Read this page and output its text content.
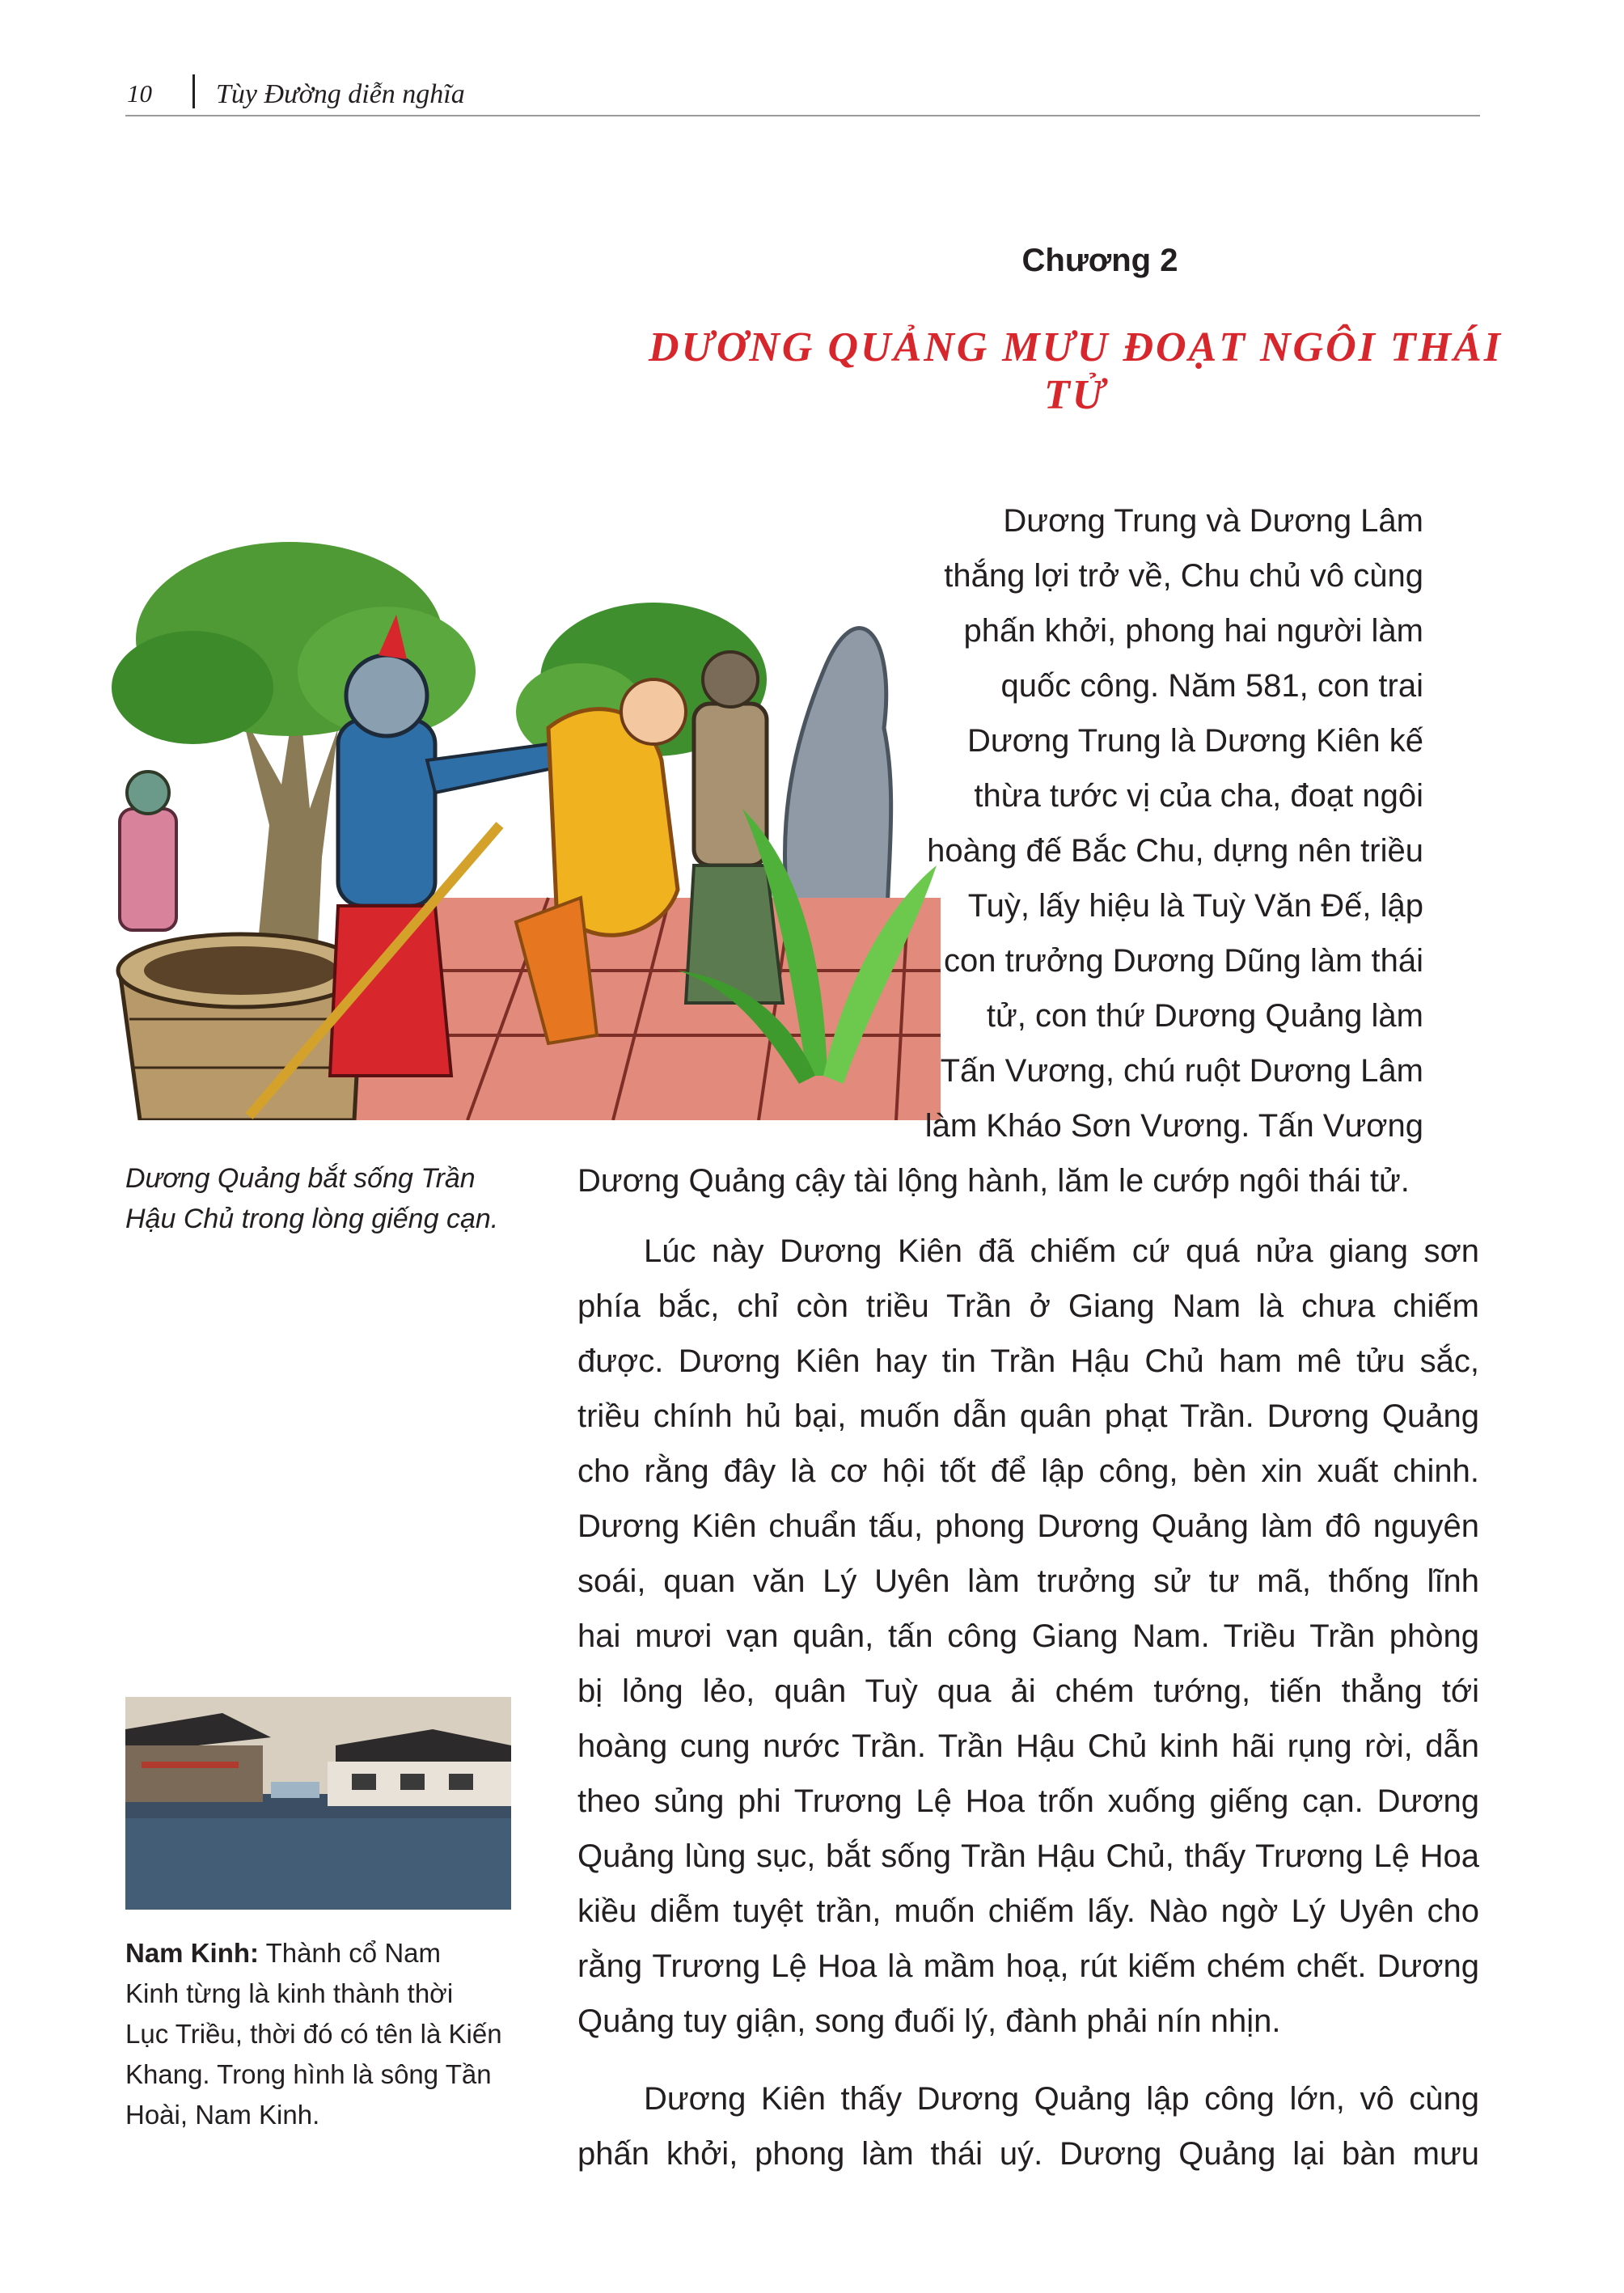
10 Tùy Đường diễn nghĩa
Chương 2
DƯƠNG QUẢNG MƯU ĐOẠT NGÔI THÁI TỬ
Dương Quảng bắt sống Trần
Hậu Chủ trong lòng giếng cạn.
Nam Kinh: Thành cổ Nam
Kinh từng là kinh thành thời
Lục Triều, thời đó có tên là Kiến
Khang. Trong hình là sông Tần
Hoài, Nam Kinh.
Dương Trung và Dương Lâm
thắng lợi trở về, Chu chủ vô cùng
phấn khởi, phong hai người làm
quốc công. Năm 581, con trai
Dương Trung là Dương Kiên kế
thừa tước vị của cha, đoạt ngôi
hoàng đế Bắc Chu, dựng nên triều
Tuỳ, lấy hiệu là Tuỳ Văn Đế, lập
con trưởng Dương Dũng làm thái
tử, con thứ Dương Quảng làm
Tấn Vương, chú ruột Dương Lâm
làm Kháo Sơn Vương. Tấn Vương
Dương Quảng cậy tài lộng hành, lăm le cướp ngôi thái tử.
Lúc này Dương Kiên đã chiếm cứ quá nửa giang sơn
phía bắc, chỉ còn triều Trần ở Giang Nam là chưa chiếm
được. Dương Kiên hay tin Trần Hậu Chủ ham mê tửu sắc,
triều chính hủ bại, muốn dẫn quân phạt Trần. Dương Quảng
cho rằng đây là cơ hội tốt để lập công, bèn xin xuất chinh.
Dương Kiên chuẩn tấu, phong Dương Quảng làm đô nguyên
soái, quan văn Lý Uyên làm trưởng sử tư mã, thống lĩnh
hai mươi vạn quân, tấn công Giang Nam. Triều Trần phòng
bị lỏng lẻo, quân Tuỳ qua ải chém tướng, tiến thẳng tới
hoàng cung nước Trần. Trần Hậu Chủ kinh hãi rụng rời, dẫn
theo sủng phi Trương Lệ Hoa trốn xuống giếng cạn. Dương
Quảng lùng sục, bắt sống Trần Hậu Chủ, thấy Trương Lệ Hoa
kiều diễm tuyệt trần, muốn chiếm lấy. Nào ngờ Lý Uyên cho
rằng Trương Lệ Hoa là mầm hoạ, rút kiếm chém chết. Dương
Quảng tuy giận, song đuối lý, đành phải nín nhịn.
Dương Kiên thấy Dương Quảng lập công lớn, vô cùng
phấn khởi, phong làm thái uý. Dương Quảng lại bàn mưu
